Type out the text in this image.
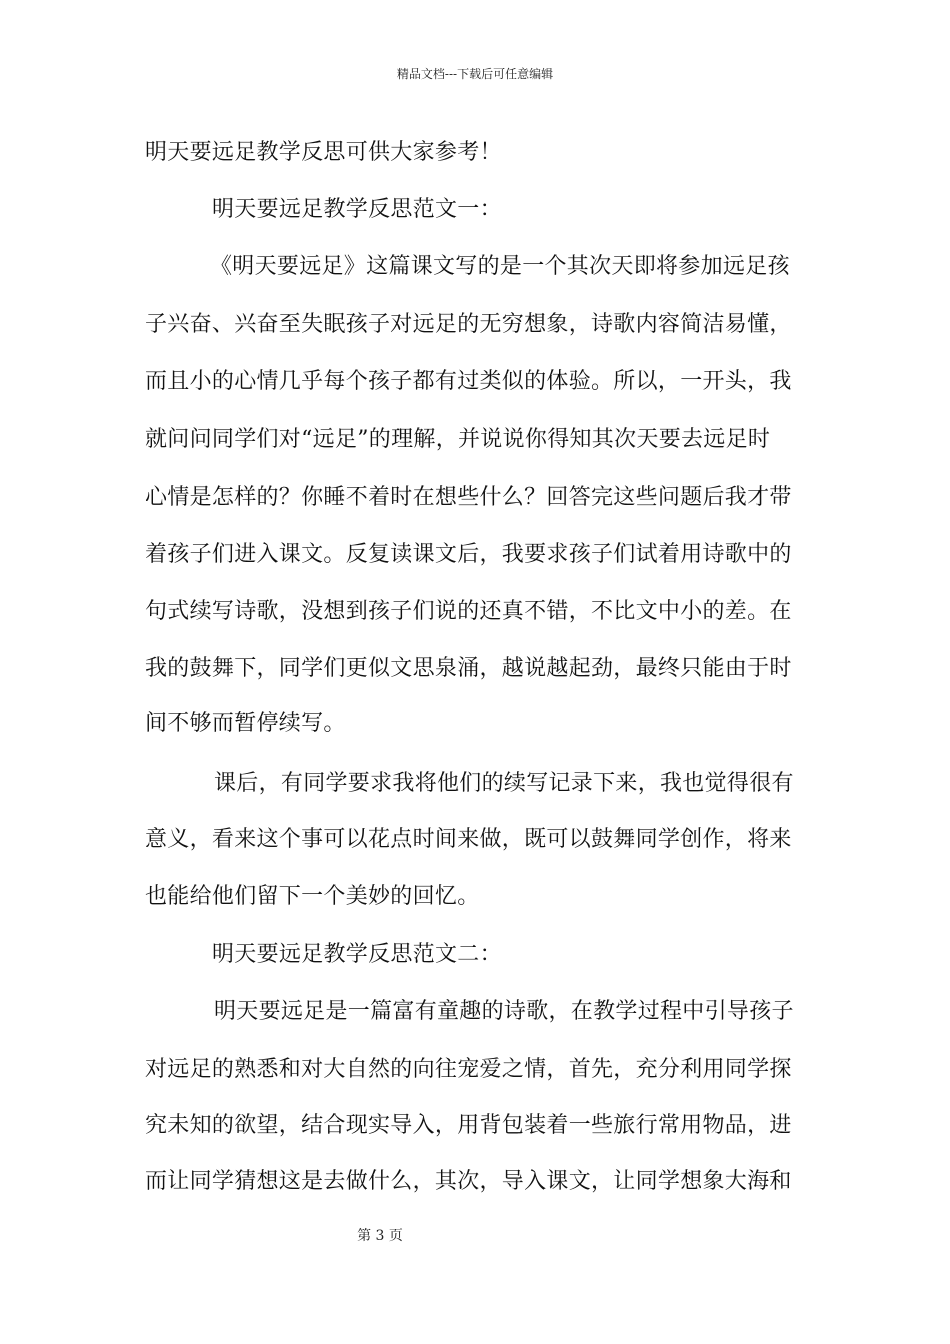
精品文档---下载后可任意编辑
明天要远足教学反思可供大家参考！
明天要远足教学反思范文一：
《明天要远足》这篇课文写的是一个其次天即将参加远足孩
子兴奋、兴奋至失眠孩子对远足的无穷想象，诗歌内容简洁易懂，
而且小的心情几乎每个孩子都有过类似的体验。所以，一开头，我
就问问同学们对“远足”的理解，并说说你得知其次天要去远足时
心情是怎样的？你睡不着时在想些什么？回答完这些问题后我才带
着孩子们进入课文。反复读课文后，我要求孩子们试着用诗歌中的
句式续写诗歌，没想到孩子们说的还真不错，不比文中小的差。在
我的鼓舞下，同学们更似文思泉涌，越说越起劲，最终只能由于时
间不够而暂停续写。
课后，有同学要求我将他们的续写记录下来，我也觉得很有
意义，看来这个事可以花点时间来做，既可以鼓舞同学创作，将来
也能给他们留下一个美妙的回忆。
明天要远足教学反思范文二：
明天要远足是一篇富有童趣的诗歌，在教学过程中引导孩子
对远足的熟悉和对大自然的向往宠爱之情，首先，充分利用同学探
究未知的欲望，结合现实导入，用背包装着一些旅行常用物品，进
而让同学猜想这是去做什么，其次，导入课文，让同学想象大海和
第 3 页
